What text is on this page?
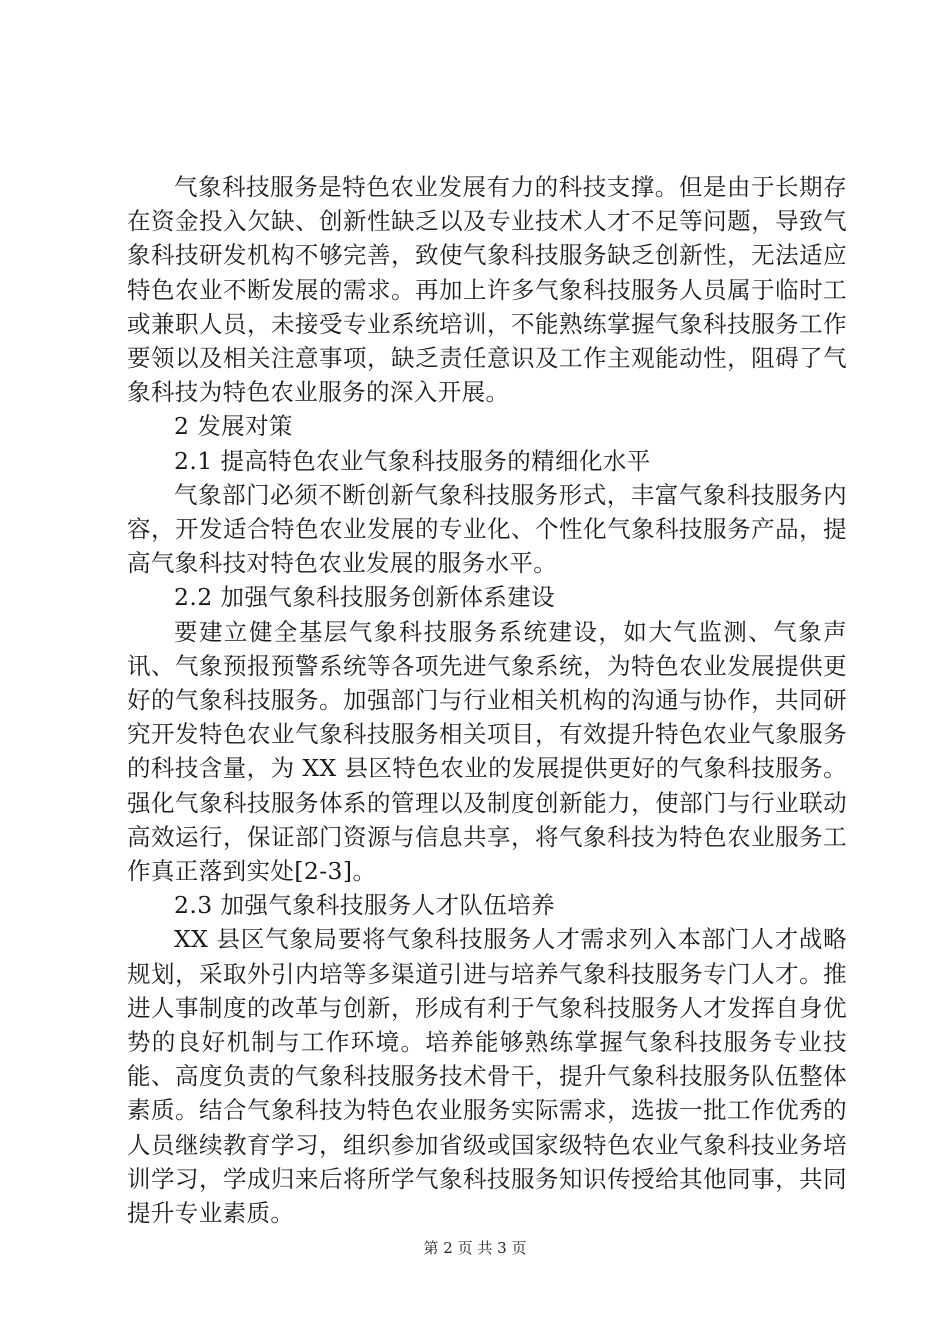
气象科技服务是特色农业发展有力的科技支撑。但是由于长期存在资金投入欠缺、创新性缺乏以及专业技术人才不足等问题，导致气象科技研发机构不够完善，致使气象科技服务缺乏创新性，无法适应特色农业不断发展的需求。再加上许多气象科技服务人员属于临时工或兼职人员，未接受专业系统培训，不能熟练掌握气象科技服务工作要领以及相关注意事项，缺乏责任意识及工作主观能动性，阻碍了气象科技为特色农业服务的深入开展。

2 发展对策

2.1 提高特色农业气象科技服务的精细化水平

气象部门必须不断创新气象科技服务形式，丰富气象科技服务内容，开发适合特色农业发展的专业化、个性化气象科技服务产品，提高气象科技对特色农业发展的服务水平。

2.2 加强气象科技服务创新体系建设

要建立健全基层气象科技服务系统建设，如大气监测、气象声讯、气象预报预警系统等各项先进气象系统，为特色农业发展提供更好的气象科技服务。加强部门与行业相关机构的沟通与协作，共同研究开发特色农业气象科技服务相关项目，有效提升特色农业气象服务的科技含量，为 XX 县区特色农业的发展提供更好的气象科技服务。强化气象科技服务体系的管理以及制度创新能力，使部门与行业联动高效运行，保证部门资源与信息共享，将气象科技为特色农业服务工作真正落到实处[2-3]。

2.3 加强气象科技服务人才队伍培养

XX 县区气象局要将气象科技服务人才需求列入本部门人才战略规划，采取外引内培等多渠道引进与培养气象科技服务专门人才。推进人事制度的改革与创新，形成有利于气象科技服务人才发挥自身优势的良好机制与工作环境。培养能够熟练掌握气象科技服务专业技能、高度负责的气象科技服务技术骨干，提升气象科技服务队伍整体素质。结合气象科技为特色农业服务实际需求，选拔一批工作优秀的人员继续教育学习，组织参加省级或国家级特色农业气象科技业务培训学习，学成归来后将所学气象科技服务知识传授给其他同事，共同提升专业素质。

第 2 页 共 3 页
